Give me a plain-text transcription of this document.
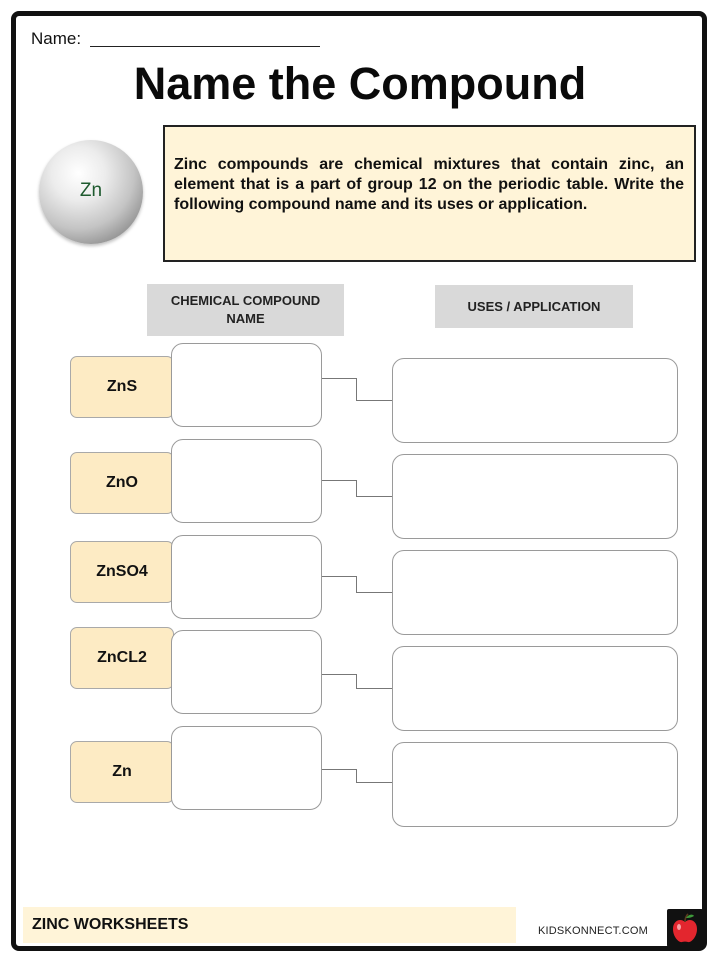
Name:
Name the Compound
Zn
Zinc compounds are chemical mixtures that contain zinc, an element that is a part of group 12 on the periodic table. Write the following compound name and its uses or application.
CHEMICAL COMPOUND NAME
USES / APPLICATION
ZnS
ZnO
ZnSO4
ZnCL2
Zn
ZINC WORKSHEETS	KIDSKONNECT.COM
